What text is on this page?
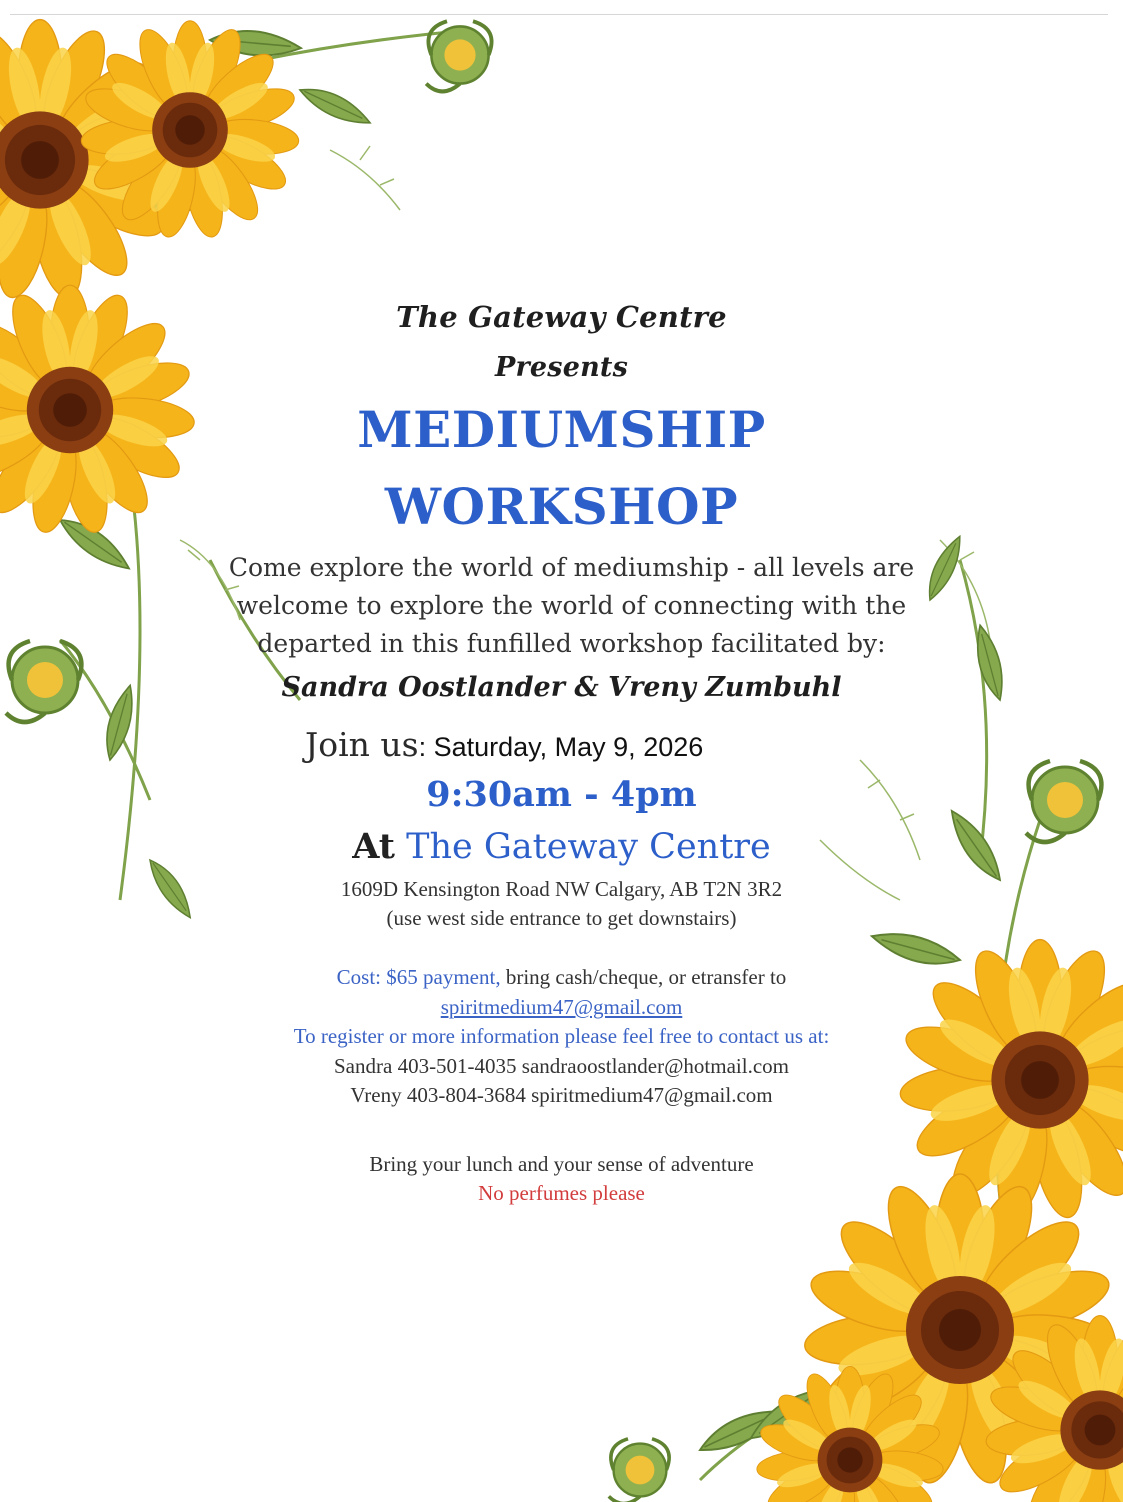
The Gateway Centre
Presents
MEDIUMSHIP
WORKSHOP
Come explore the world of mediumship - all levels are
welcome to explore the world of connecting with the
departed in this funfilled workshop facilitated by:
Sandra Oostlander & Vreny Zumbuhl
Join us: Saturday, May 9, 2026
9:30am - 4pm
At The Gateway Centre
1609D Kensington Road NW Calgary, AB T2N 3R2
(use west side entrance to get downstairs)
Cost: $65 payment, bring cash/cheque, or etransfer to
spiritmedium47@gmail.com
To register or more information please feel free to contact us at:
Sandra 403-501-4035 sandraoostlander@hotmail.com
Vreny 403-804-3684 spiritmedium47@gmail.com
Bring your lunch and your sense of adventure
No perfumes please
